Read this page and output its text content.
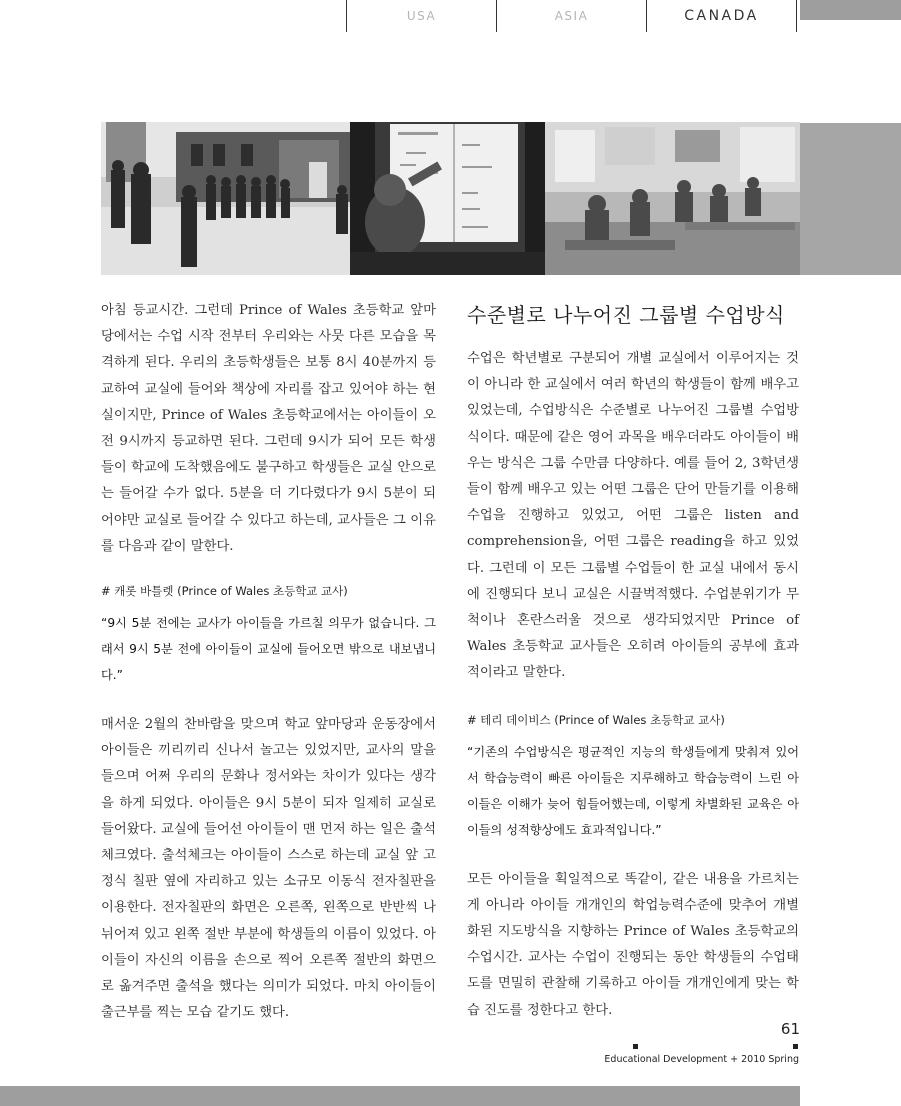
USA	ASIA	CANADA

아침 등교시간. 그런데 Prince of Wales 초등학교 앞마당에서는 수업 시작 전부터 우리와는 사뭇 다른 모습을 목격하게 된다. 우리의 초등학생들은 보통 8시 40분까지 등교하여 교실에 들어와 책상에 자리를 잡고 있어야 하는 현실이지만, Prince of Wales 초등학교에서는 아이들이 오전 9시까지 등교하면 된다. 그런데 9시가 되어 모든 학생들이 학교에 도착했음에도 불구하고 학생들은 교실 안으로는 들어갈 수가 없다. 5분을 더 기다렸다가 9시 5분이 되어야만 교실로 들어갈 수 있다고 하는데, 교사들은 그 이유를 다음과 같이 말한다.

# 캐롯 바틀렛 (Prince of Wales 초등학교 교사)

“9시 5분 전에는 교사가 아이들을 가르칠 의무가 없습니다. 그래서 9시 5분 전에 아이들이 교실에 들어오면 밖으로 내보냅니다.”

매서운 2월의 찬바람을 맞으며 학교 앞마당과 운동장에서 아이들은 끼리끼리 신나서 놀고는 있었지만, 교사의 말을 들으며 어쩌 우리의 문화나 정서와는 차이가 있다는 생각을 하게 되었다. 아이들은 9시 5분이 되자 일제히 교실로 들어왔다. 교실에 들어선 아이들이 맨 먼저 하는 일은 출석체크였다. 출석체크는 아이들이 스스로 하는데 교실 앞 고정식 칠판 옆에 자리하고 있는 소규모 이동식 전자칠판을 이용한다. 전자칠판의 화면은 오른쪽, 왼쪽으로 반반씩 나뉘어져 있고 왼쪽 절반 부분에 학생들의 이름이 있었다. 아이들이 자신의 이름을 손으로 찍어 오른쪽 절반의 화면으로 옮겨주면 출석을 했다는 의미가 되었다. 마치 아이들이 출근부를 찍는 모습 같기도 했다.

수준별로 나누어진 그룹별 수업방식

수업은 학년별로 구분되어 개별 교실에서 이루어지는 것이 아니라 한 교실에서 여러 학년의 학생들이 함께 배우고 있었는데, 수업방식은 수준별로 나누어진 그룹별 수업방식이다. 때문에 같은 영어 과목을 배우더라도 아이들이 배우는 방식은 그룹 수만큼 다양하다. 예를 들어 2, 3학년생들이 함께 배우고 있는 어떤 그룹은 단어 만들기를 이용해 수업을 진행하고 있었고, 어떤 그룹은 listen and comprehension을, 어떤 그룹은 reading을 하고 있었다. 그런데 이 모든 그룹별 수업들이 한 교실 내에서 동시에 진행되다 보니 교실은 시끌벅적했다. 수업분위기가 무척이나 혼란스러울 것으로 생각되었지만 Prince of Wales 초등학교 교사들은 오히려 아이들의 공부에 효과적이라고 말한다.

# 테리 데이비스 (Prince of Wales 초등학교 교사)

“기존의 수업방식은 평균적인 지능의 학생들에게 맞춰져 있어서 학습능력이 빠른 아이들은 지루해하고 학습능력이 느린 아이들은 이해가 늦어 힘들어했는데, 이렇게 차별화된 교육은 아이들의 성적향상에도 효과적입니다.”

모든 아이들을 획일적으로 똑같이, 같은 내용을 가르치는 게 아니라 아이들 개개인의 학업능력수준에 맞추어 개별화된 지도방식을 지향하는 Prince of Wales 초등학교의 수업시간. 교사는 수업이 진행되는 동안 학생들의 수업태도를 면밀히 관찰해 기록하고 아이들 개개인에게 맞는 학습 진도를 정한다고 한다.

61
Educational Development + 2010 Spring
